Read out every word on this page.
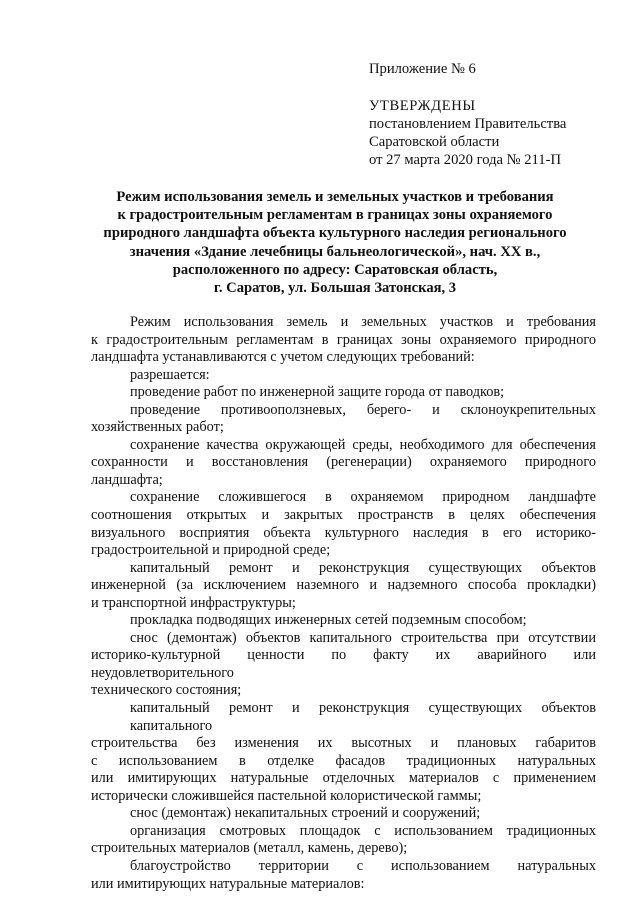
Приложение № 6
УТВЕРЖДЕНЫ
постановлением Правительства
Саратовской области
от 27 марта 2020 года № 211-П
Режим использования земель и земельных участков и требования
к градостроительным регламентам в границах зоны охраняемого
природного ландшафта объекта культурного наследия регионального
значения «Здание лечебницы бальнеологической», нач. XX в.,
расположенного по адресу: Саратовская область,
г. Саратов, ул. Большая Затонская, 3
Режим использования земель и земельных участков и требования
к градостроительным регламентам в границах зоны охраняемого природного
ландшафта устанавливаются с учетом следующих требований:
разрешается:
проведение работ по инженерной защите города от паводков;
проведение противооползневых, берего- и склоноукрепительных
хозяйственных работ;
сохранение качества окружающей среды, необходимого для обеспечения
сохранности и восстановления (регенерации) охраняемого природного
ландшафта;
сохранение сложившегося в охраняемом природном ландшафте
соотношения открытых и закрытых пространств в целях обеспечения
визуального восприятия объекта культурного наследия в его историко-
градостроительной и природной среде;
капитальный ремонт и реконструкция существующих объектов
инженерной (за исключением наземного и надземного способа прокладки)
и транспортной инфраструктуры;
прокладка подводящих инженерных сетей подземным способом;
снос (демонтаж) объектов капитального строительства при отсутствии
историко-культурной ценности по факту их аварийного или неудовлетворительного
технического состояния;
капитальный ремонт и реконструкция существующих объектов капитального
строительства без изменения их высотных и плановых габаритов
с использованием в отделке фасадов традиционных натуральных
или имитирующих натуральные отделочных материалов с применением
исторически сложившейся пастельной колористической гаммы;
снос (демонтаж) некапитальных строений и сооружений;
организация смотровых площадок с использованием традиционных
строительных материалов (металл, камень, дерево);
благоустройство территории с использованием натуральных
или имитирующих натуральные материалов:
